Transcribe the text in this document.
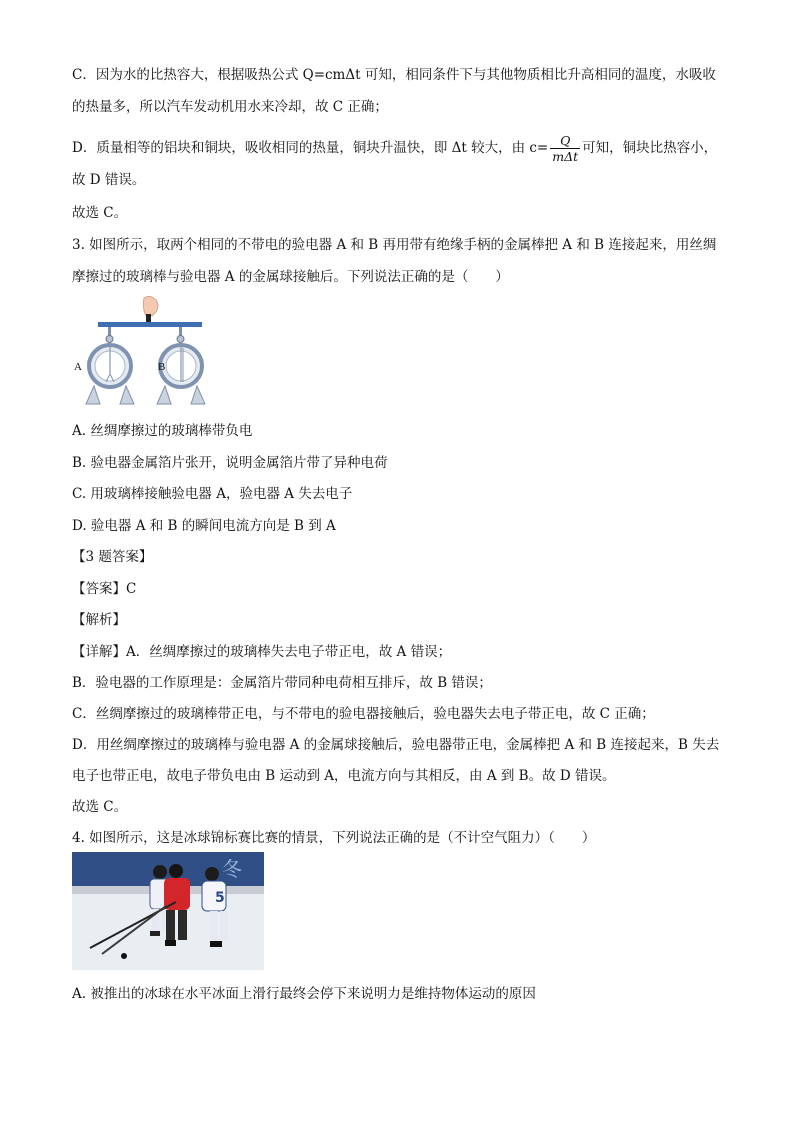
C．因为水的比热容大，根据吸热公式 Q=cmΔt 可知，相同条件下与其他物质相比升高相同的温度，水吸收
的热量多，所以汽车发动机用水来冷却，故 C 正确；
D．质量相等的铝块和铜块，吸收相同的热量，铜块升温快，即 Δt 较大，由 $c= \frac{Q}{\text{mΔt}}$ 可知，铜块比热容小，
故 D 错误。
故选 C。
3. 如图所示，取两个相同的不带电的验电器 A 和 B 再用带有绝缘手柄的金属棒把 A 和 B 连接起来，用丝绸
摩擦过的玻璃棒与验电器 A 的金属球接触后。下列说法正确的是（　　）
A	B
A. 丝绸摩擦过的玻璃棒带负电
B. 验电器金属箔片张开，说明金属箔片带了异种电荷
C. 用玻璃棒接触验电器 A，验电器 A 失去电子
D. 验电器 A 和 B 的瞬间电流方向是 B 到 A
【3 题答案】
【答案】C
【解析】
【详解】A．丝绸摩擦过的玻璃棒失去电子带正电，故 A 错误；
B．验电器的工作原理是：金属箔片带同种电荷相互排斥，故 B 错误；
C．丝绸摩擦过的玻璃棒带正电，与不带电的验电器接触后，验电器失去电子带正电，故 C 正确；
D．用丝绸摩擦过的玻璃棒与验电器 A 的金属球接触后，验电器带正电，金属棒把 A 和 B 连接起来，B 失去
电子也带正电，故电子带负电由 B 运动到 A，电流方向与其相反，由 A 到 B。故 D 错误。
故选 C。
4. 如图所示，这是冰球锦标赛比赛的情景，下列说法正确的是（不计空气阻力）（　　）
冬
5
A. 被推出的冰球在水平冰面上滑行最终会停下来说明力是维持物体运动的原因
